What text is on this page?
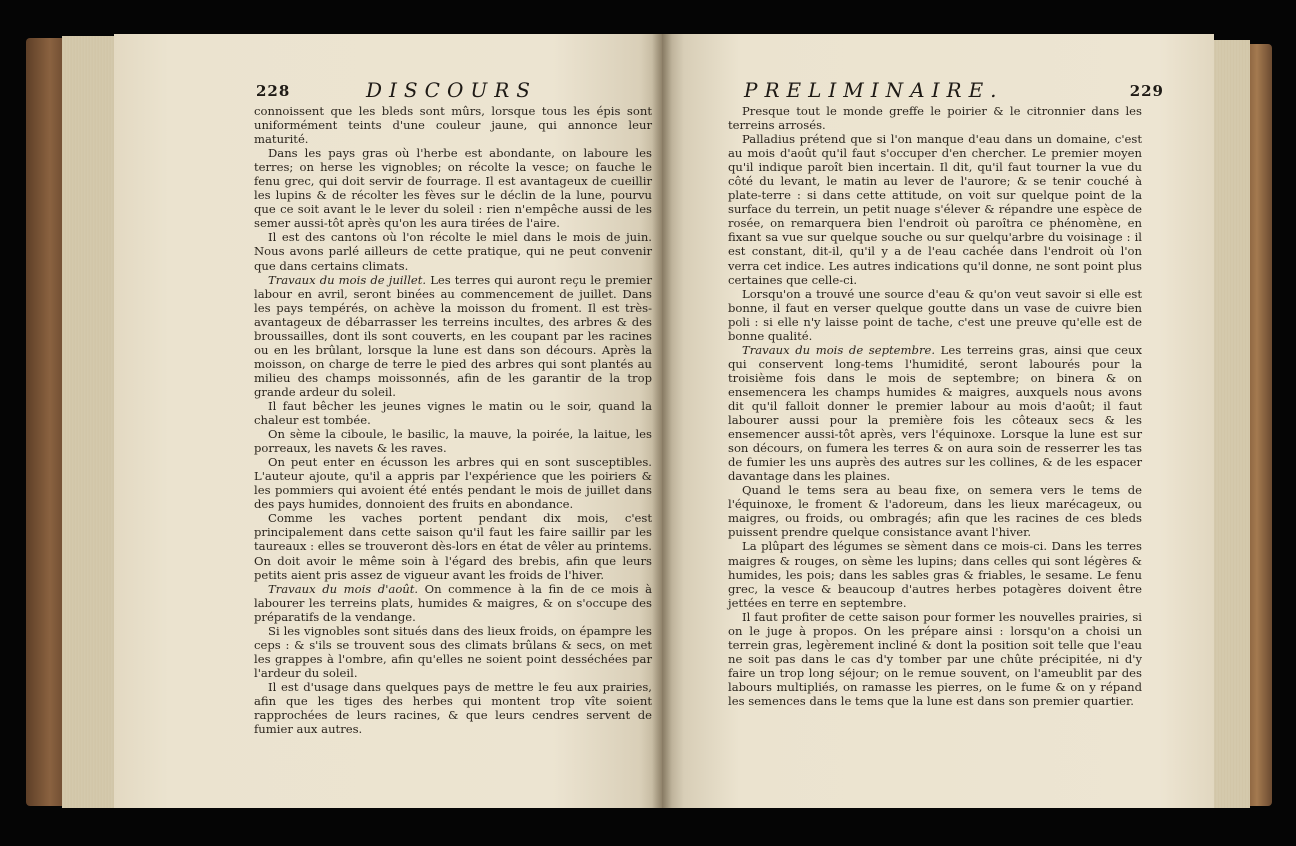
228	DISCOURS

connoissent que les bleds sont mûrs, lorsque tous les épis sont uniformément teints d'une couleur jaune, qui annonce leur maturité.

Dans les pays gras où l'herbe est abondante, on laboure les terres; on herse les vignobles; on récolte la vesce; on fauche le fenu grec, qui doit servir de fourrage. Il est avantageux de cueillir les lupins & de récolter les fèves sur le déclin de la lune, pourvu que ce soit avant le le lever du soleil : rien n'empêche aussi de les semer aussi-tôt après qu'on les aura tirées de l'aire.

Il est des cantons où l'on récolte le miel dans le mois de juin. Nous avons parlé ailleurs de cette pratique, qui ne peut convenir que dans certains climats.

Travaux du mois de juillet. Les terres qui auront reçu le premier labour en avril, seront binées au commencement de juillet. Dans les pays tempérés, on achève la moisson du froment. Il est très-avantageux de débarrasser les terreins incultes, des arbres & des broussailles, dont ils sont couverts, en les coupant par les racines ou en les brûlant, lorsque la lune est dans son décours. Après la moisson, on charge de terre le pied des arbres qui sont plantés au milieu des champs moissonnés, afin de les garantir de la trop grande ardeur du soleil.

Il faut bêcher les jeunes vignes le matin ou le soir, quand la chaleur est tombée.

On sème la ciboule, le basilic, la mauve, la poirée, la laitue, les porreaux, les navets & les raves.

On peut enter en écusson les arbres qui en sont susceptibles. L'auteur ajoute, qu'il a appris par l'expérience que les poiriers & les pommiers qui avoient été entés pendant le mois de juillet dans des pays humides, donnoient des fruits en abondance.

Comme les vaches portent pendant dix mois, c'est principalement dans cette saison qu'il faut les faire saillir par les taureaux : elles se trouveront dès-lors en état de vêler au printems. On doit avoir le même soin à l'égard des brebis, afin que leurs petits aient pris assez de vigueur avant les froids de l'hiver.

Travaux du mois d'août. On commence à la fin de ce mois à labourer les terreins plats, humides & maigres, & on s'occupe des préparatifs de la vendange.

Si les vignobles sont situés dans des lieux froids, on épampre les ceps : & s'ils se trouvent sous des climats brûlans & secs, on met les grappes à l'ombre, afin qu'elles ne soient point desséchées par l'ardeur du soleil.

Il est d'usage dans quelques pays de mettre le feu aux prairies, afin que les tiges des herbes qui montent trop vîte soient rapprochées de leurs racines, & que leurs cendres servent de fumier aux autres.

PRELIMINAIRE.	229

Presque tout le monde greffe le poirier & le citronnier dans les terreins arrosés.

Palladius prétend que si l'on manque d'eau dans un domaine, c'est au mois d'août qu'il faut s'occuper d'en chercher. Le premier moyen qu'il indique paroît bien incertain. Il dit, qu'il faut tourner la vue du côté du levant, le matin au lever de l'aurore; & se tenir couché à plate-terre : si dans cette attitude, on voit sur quelque point de la surface du terrein, un petit nuage s'élever & répandre une espèce de rosée, on remarquera bien l'endroit où paroîtra ce phénomène, en fixant sa vue sur quelque souche ou sur quelqu'arbre du voisinage : il est constant, dit-il, qu'il y a de l'eau cachée dans l'endroit où l'on verra cet indice. Les autres indications qu'il donne, ne sont point plus certaines que celle-ci.

Lorsqu'on a trouvé une source d'eau & qu'on veut savoir si elle est bonne, il faut en verser quelque goutte dans un vase de cuivre bien poli : si elle n'y laisse point de tache, c'est une preuve qu'elle est de bonne qualité.

Travaux du mois de septembre. Les terreins gras, ainsi que ceux qui conservent long-tems l'humidité, seront labourés pour la troisième fois dans le mois de septembre; on binera & on ensemencera les champs humides & maigres, auxquels nous avons dit qu'il falloit donner le premier labour au mois d'août; il faut labourer aussi pour la première fois les côteaux secs & les ensemencer aussi-tôt après, vers l'équinoxe. Lorsque la lune est sur son décours, on fumera les terres & on aura soin de resserrer les tas de fumier les uns auprès des autres sur les collines, & de les espacer davantage dans les plaines.

Quand le tems sera au beau fixe, on semera vers le tems de l'équinoxe, le froment & l'adoreum, dans les lieux marécageux, ou maigres, ou froids, ou ombragés; afin que les racines de ces bleds puissent prendre quelque consistance avant l'hiver.

La plûpart des légumes se sèment dans ce mois-ci. Dans les terres maigres & rouges, on sème les lupins; dans celles qui sont légères & humides, les pois; dans les sables gras & friables, le sesame. Le fenu grec, la vesce & beaucoup d'autres herbes potagères doivent être jettées en terre en septembre.

Il faut profiter de cette saison pour former les nouvelles prairies, si on le juge à propos. On les prépare ainsi : lorsqu'on a choisi un terrein gras, legèrement incliné & dont la position soit telle que l'eau ne soit pas dans le cas d'y tomber par une chûte précipitée, ni d'y faire un trop long séjour; on le remue souvent, on l'ameublit par des labours multipliés, on ramasse les pierres, on le fume & on y répand les semences dans le tems que la lune est dans son premier quartier.
